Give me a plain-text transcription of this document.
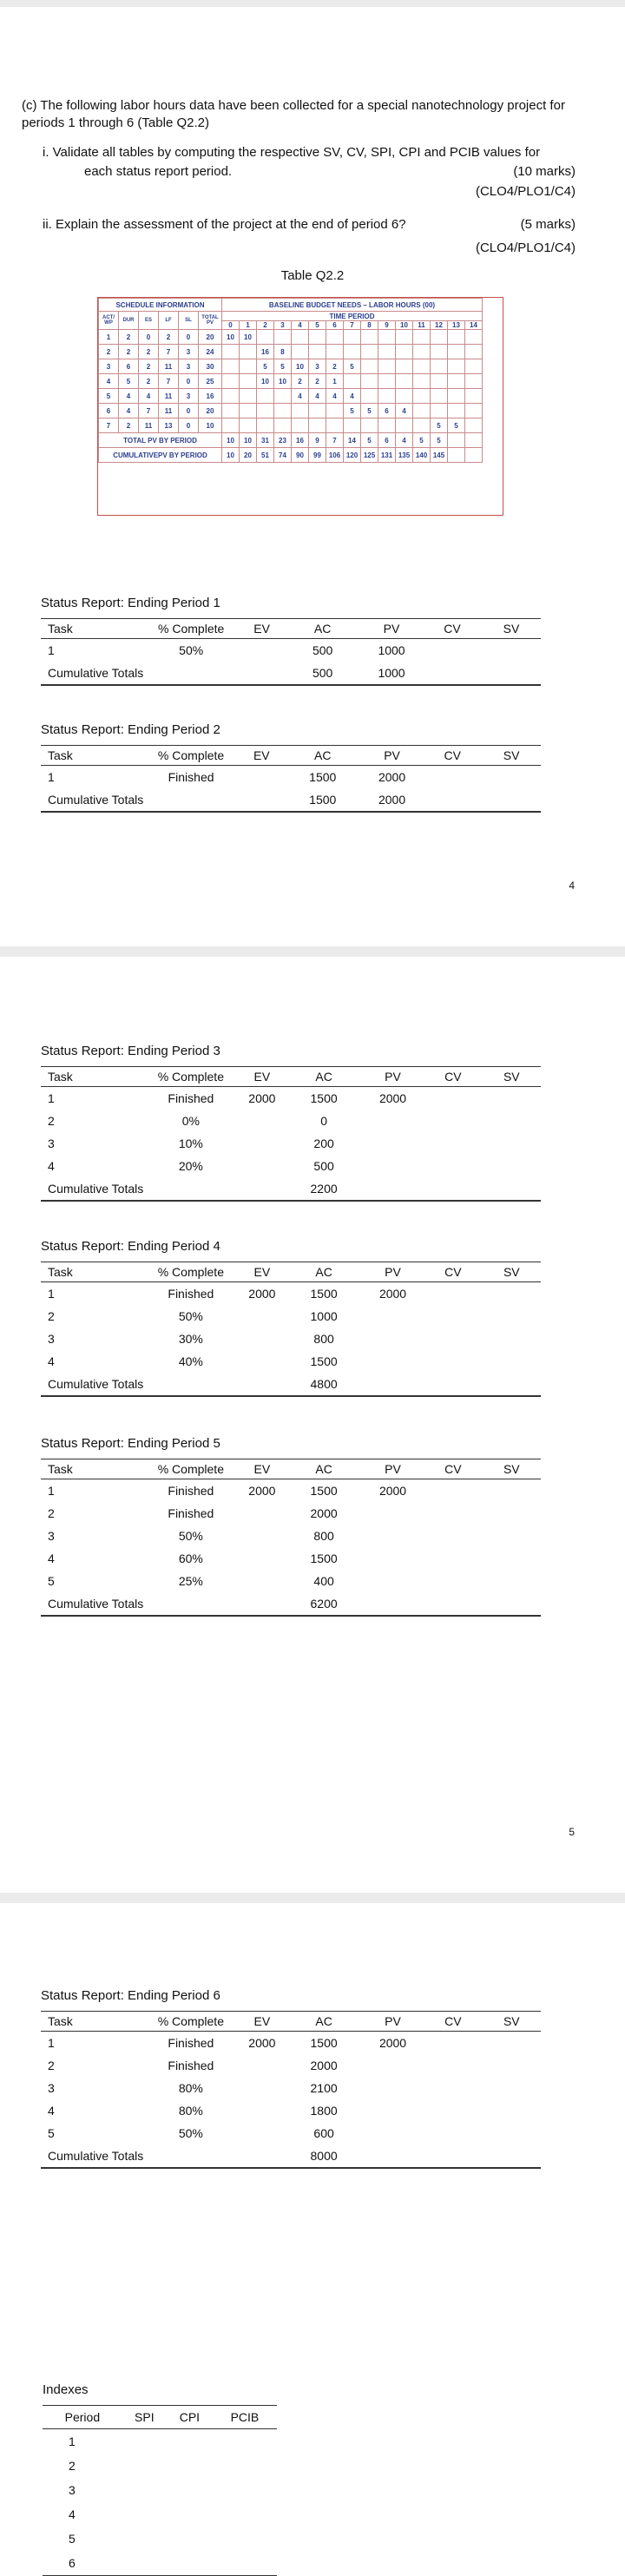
(c) The following labor hours data have been collected for a special nanotechnology project for periods 1 through 6 (Table Q2.2)
i. Validate all tables by computing the respective SV, CV, SPI, CPI and PCIB values for
each status report period.	(10 marks)
(CLO4/PLO1/C4)
ii. Explain the assessment of the project at the end of period 6?	(5 marks)
(CLO4/PLO1/C4)
Table Q2.2
SCHEDULE INFORMATION						BASELINE BUDGET NEEDS – LABOR HOURS (00)														
ACT/ WP	DUR	ES	LF	SL	TOTAL PV	TIME PERIOD														
						0	1	2	3	4	5	6	7	8	9	10	11	12	13	14
1	2	0	2	0	20	10	10													
2	2	2	7	3	24			16	8											
3	6	2	11	3	30			5	5	10	3	2	5							
4	5	2	7	0	25			10	10	2	2	1								
5	4	4	11	3	16					4	4	4	4							
6	4	7	11	0	20								5	5	6	4				
7	2	11	13	0	10													5	5	
TOTAL PV BY PERIOD						10	10	31	23	16	9	7	14	5	6	4	5	5		
CUMULATIVEPV BY PERIOD						10	20	51	74	90	99	106	120	125	131	135	140	145		
Status Report: Ending Period 1
Task	% Complete	EV	AC	PV	CV	SV
1	50%		500	1000		
Cumulative Totals			500	1000		
Status Report: Ending Period 2
Task	% Complete	EV	AC	PV	CV	SV
1	Finished		1500	2000		
Cumulative Totals			1500	2000		
Status Report: Ending Period 3
Task	% Complete	EV	AC	PV	CV	SV
1	Finished	2000	1500	2000		
2	0%		0			
3	10%		200			
4	20%		500			
Cumulative Totals			2200			
Status Report: Ending Period 4
Task	% Complete	EV	AC	PV	CV	SV
1	Finished	2000	1500	2000		
2	50%		1000			
3	30%		800			
4	40%		1500			
Cumulative Totals			4800			
Status Report: Ending Period 5
Task	% Complete	EV	AC	PV	CV	SV
1	Finished	2000	1500	2000		
2	Finished		2000			
3	50%		800			
4	60%		1500			
5	25%		400			
Cumulative Totals			6200			
Status Report: Ending Period 6
Task	% Complete	EV	AC	PV	CV	SV
1	Finished	2000	1500	2000		
2	Finished		2000			
3	80%		2100			
4	80%		1800			
5	50%		600			
Cumulative Totals			8000			
Indexes
Period	SPI	CPI	PCIB
1			
2			
3			
4			
5			
6			
4
5
